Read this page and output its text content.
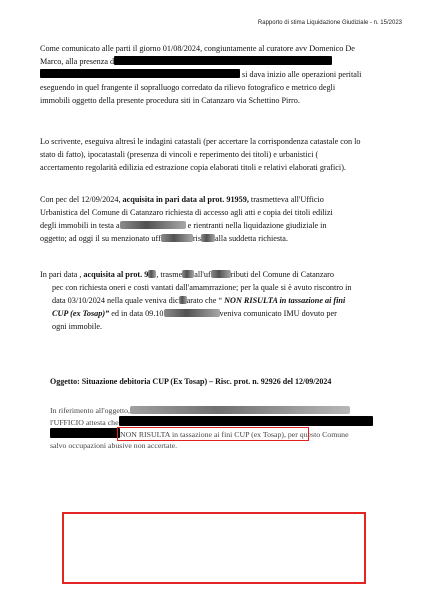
Rapporto di stima Liquidazione Giudiziale - n. 15/2023
Come comunicato alle parti il giorno 01/08/2024, congiuntamente al curatore avv Domenico De
Marco, alla presenza d
si dava inizio alle operazioni peritali
eseguendo in quel frangente il sopralluogo corredato da rilievo fotografico e metrico degli
immobili oggetto della presente procedura siti in Catanzaro via Schettino Pirro.
Lo scrivente, eseguiva altresì le indagini catastali (per accertare la corrispondenza catastale con lo
stato di fatto), ipocatastali (presenza di vincoli e reperimento dei titoli) e urbanistici (
accertamento regolarità edilizia ed estrazione copia elaborati titoli e relativi elaborati grafici).
Con pec del 12/09/2024, acquisita in pari data al prot. 91959, trasmetteva all'Ufficio
Urbanistica del Comune di Catanzaro richiesta di accesso agli atti e copia dei titoli edilizi
degli immobili in testa a	e rientranti nella liquidazione giudiziale in
oggetto; ad oggi il su menzionato uff	ris alla suddetta richiesta.
In pari data , acquisita al prot. 9 , trasme all'uf ributi del Comune di Catanzaro
pec con richiesta oneri e costi vantati dall'amamrrazione; per la quale si è avuto riscontro in
data 03/10/2024 nella quale veniva dic arato che “ NON RISULTA in tassazione ai fini
CUP (ex Tosap)” ed in data 09.10	veniva comunicato IMU dovuto per
ogni immobile.
Oggetto: Situazione debitoria CUP (Ex Tosap) – Risc. prot. n. 92926 del 12/09/2024
In riferimento all'oggetto,
l'UFFICIO attesta che
NON RISULTA in tassazione ai fini CUP (ex Tosap), per questo Comune
salvo occupazioni abusive non accertate.
